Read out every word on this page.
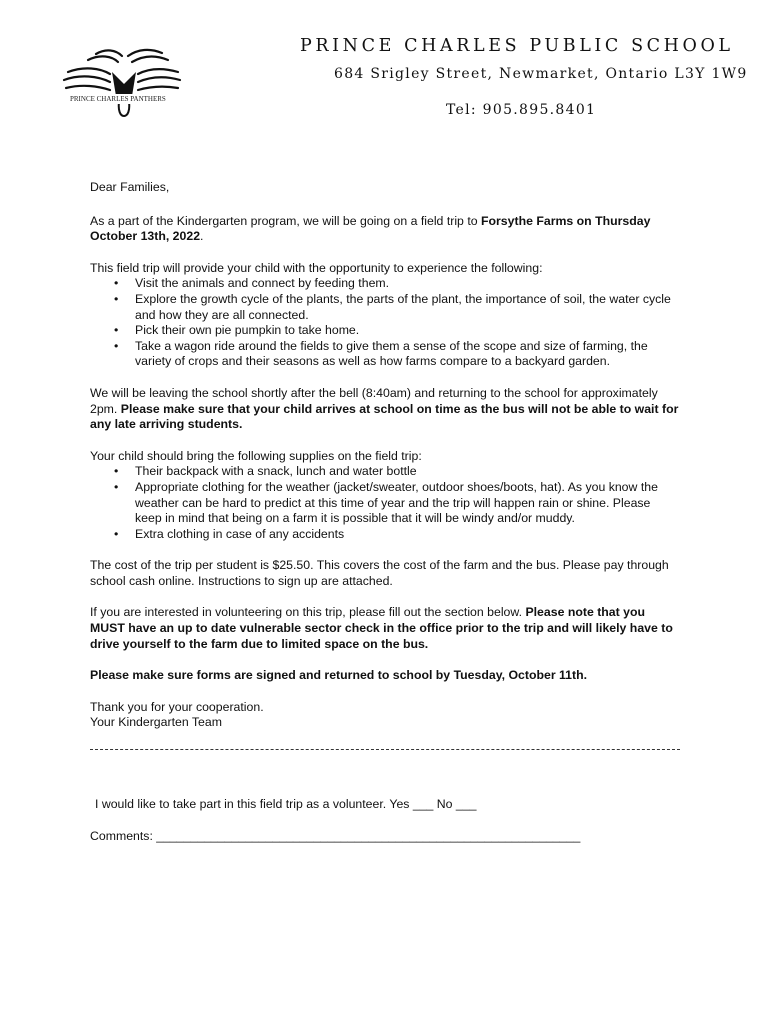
PRINCE CHARLES PANTHERS
PRINCE CHARLES PUBLIC SCHOOL
684 Srigley Street, Newmarket, Ontario L3Y 1W9
Tel: 905.895.8401

Dear Families,

As a part of the Kindergarten program, we will be going on a field trip to Forsythe Farms on Thursday October 13th, 2022.

This field trip will provide your child with the opportunity to experience the following:

• Visit the animals and connect by feeding them.
• Explore the growth cycle of the plants, the parts of the plant, the importance of soil, the water cycle and how they are all connected.
• Pick their own pie pumpkin to take home.
• Take a wagon ride around the fields to give them a sense of the scope and size of farming, the variety of crops and their seasons as well as how farms compare to a backyard garden.

We will be leaving the school shortly after the bell (8:40am) and returning to the school for approximately 2pm. Please make sure that your child arrives at school on time as the bus will not be able to wait for any late arriving students.

Your child should bring the following supplies on the field trip:

• Their backpack with a snack, lunch and water bottle
• Appropriate clothing for the weather (jacket/sweater, outdoor shoes/boots, hat). As you know the weather can be hard to predict at this time of year and the trip will happen rain or shine. Please keep in mind that being on a farm it is possible that it will be windy and/or muddy.
• Extra clothing in case of any accidents

The cost of the trip per student is $25.50. This covers the cost of the farm and the bus. Please pay through school cash online. Instructions to sign up are attached.

If you are interested in volunteering on this trip, please fill out the section below. Please note that you MUST have an up to date vulnerable sector check in the office prior to the trip and will likely have to drive yourself to the farm due to limited space on the bus.

Please make sure forms are signed and returned to school by Tuesday, October 11th.

Thank you for your cooperation.
Your Kindergarten Team

I would like to take part in this field trip as a volunteer. Yes ___ No ___
Comments: ______________________________________________________________
